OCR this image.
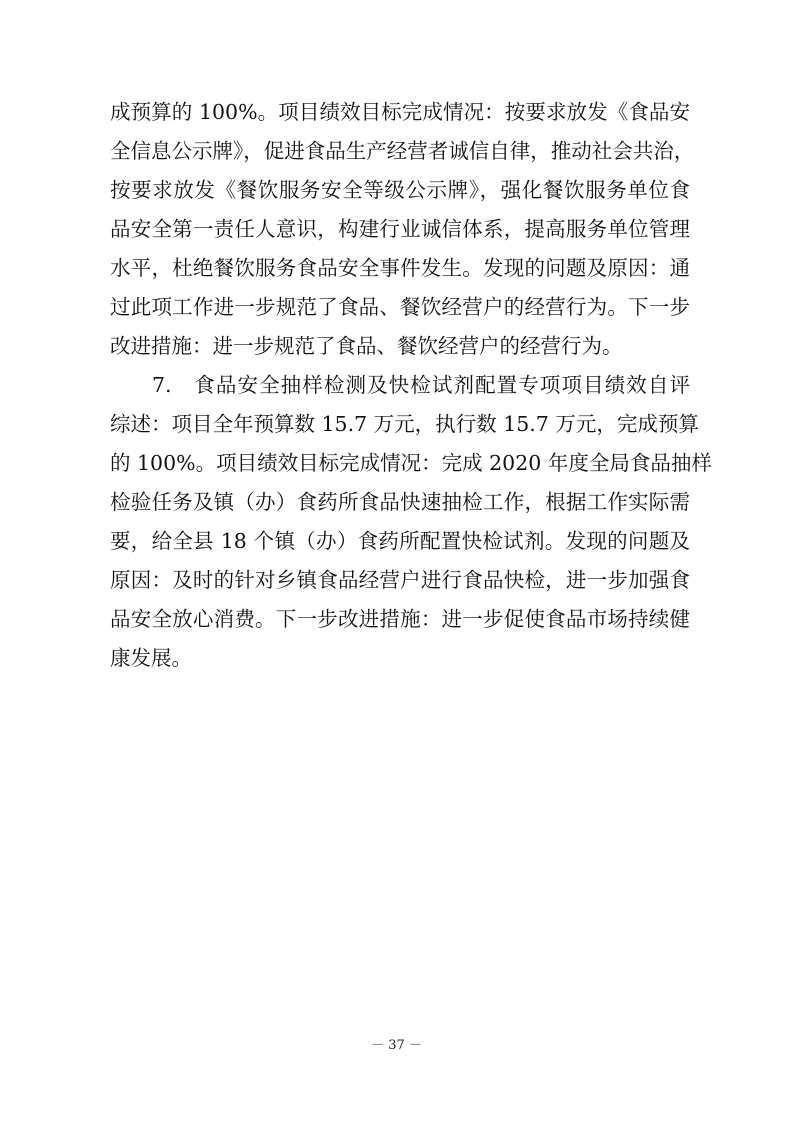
成预算的 100%。项目绩效目标完成情况：按要求放发《食品安
全信息公示牌》，促进食品生产经营者诚信自律，推动社会共治，
按要求放发《餐饮服务安全等级公示牌》，强化餐饮服务单位食
品安全第一责任人意识，构建行业诚信体系，提高服务单位管理
水平，杜绝餐饮服务食品安全事件发生。发现的问题及原因：通
过此项工作进一步规范了食品、餐饮经营户的经营行为。下一步
改进措施：进一步规范了食品、餐饮经营户的经营行为。
7.　食品安全抽样检测及快检试剂配置专项项目绩效自评
综述：项目全年预算数 15.7 万元，执行数 15.7 万元，完成预算
的 100%。项目绩效目标完成情况：完成 2020 年度全局食品抽样
检验任务及镇（办）食药所食品快速抽检工作，根据工作实际需
要，给全县 18 个镇（办）食药所配置快检试剂。发现的问题及
原因：及时的针对乡镇食品经营户进行食品快检，进一步加强食
品安全放心消费。下一步改进措施：进一步促使食品市场持续健
康发展。
－ 37 －
